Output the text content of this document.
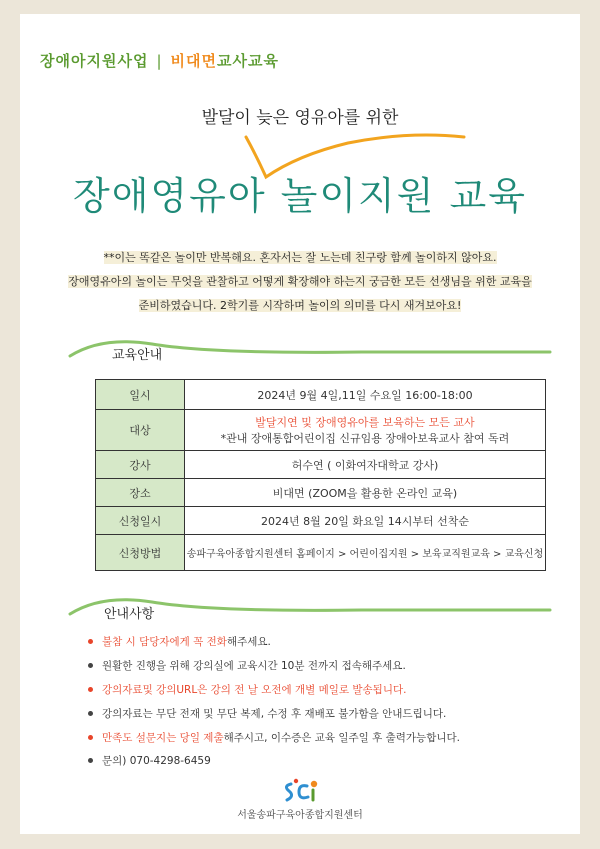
장애아지원사업 | 비대면교사교육
발달이 늦은 영유아를 위한
장애영유아 놀이지원 교육
**이는 똑같은 놀이만 반복해요. 혼자서는 잘 노는데 친구랑 함께 놀이하지 않아요.
장애영유아의 놀이는 무엇을 관찰하고 어떻게 확장해야 하는지 궁금한 모든 선생님을 위한 교육을
준비하였습니다. 2학기를 시작하며 놀이의 의미를 다시 새겨보아요!
교육안내
일시	2024년 9월 4일,11일 수요일 16:00-18:00
대상	발달지연 및 장애영유아를 보육하는 모든 교사
*관내 장애통합어린이집 신규임용 장애아보육교사 참여 독려

강사	허수연 ( 이화여자대학교 강사)
장소	비대면 (ZOOM을 활용한 온라인 교육)
신청일시	2024년 8월 20일 화요일 14시부터 선착순
신청방법	송파구육아종합지원센터 홈페이지 > 어린이집지원 > 보육교직원교육 > 교육신청
안내사항
불참 시 담당자에게 꼭 전화해주세요.
원활한 진행을 위해 강의실에 교육시간 10분 전까지 접속해주세요.
강의자료및 강의URL은 강의 전 날 오전에 개별 메일로 발송됩니다.
강의자료는 무단 전재 및 무단 복제, 수정 후 재배포 불가함을 안내드립니다.
만족도 설문지는 당일 제출해주시고, 이수증은 교육 일주일 후 출력가능합니다.
문의) 070-4298-6459
서울송파구육아종합지원센터
